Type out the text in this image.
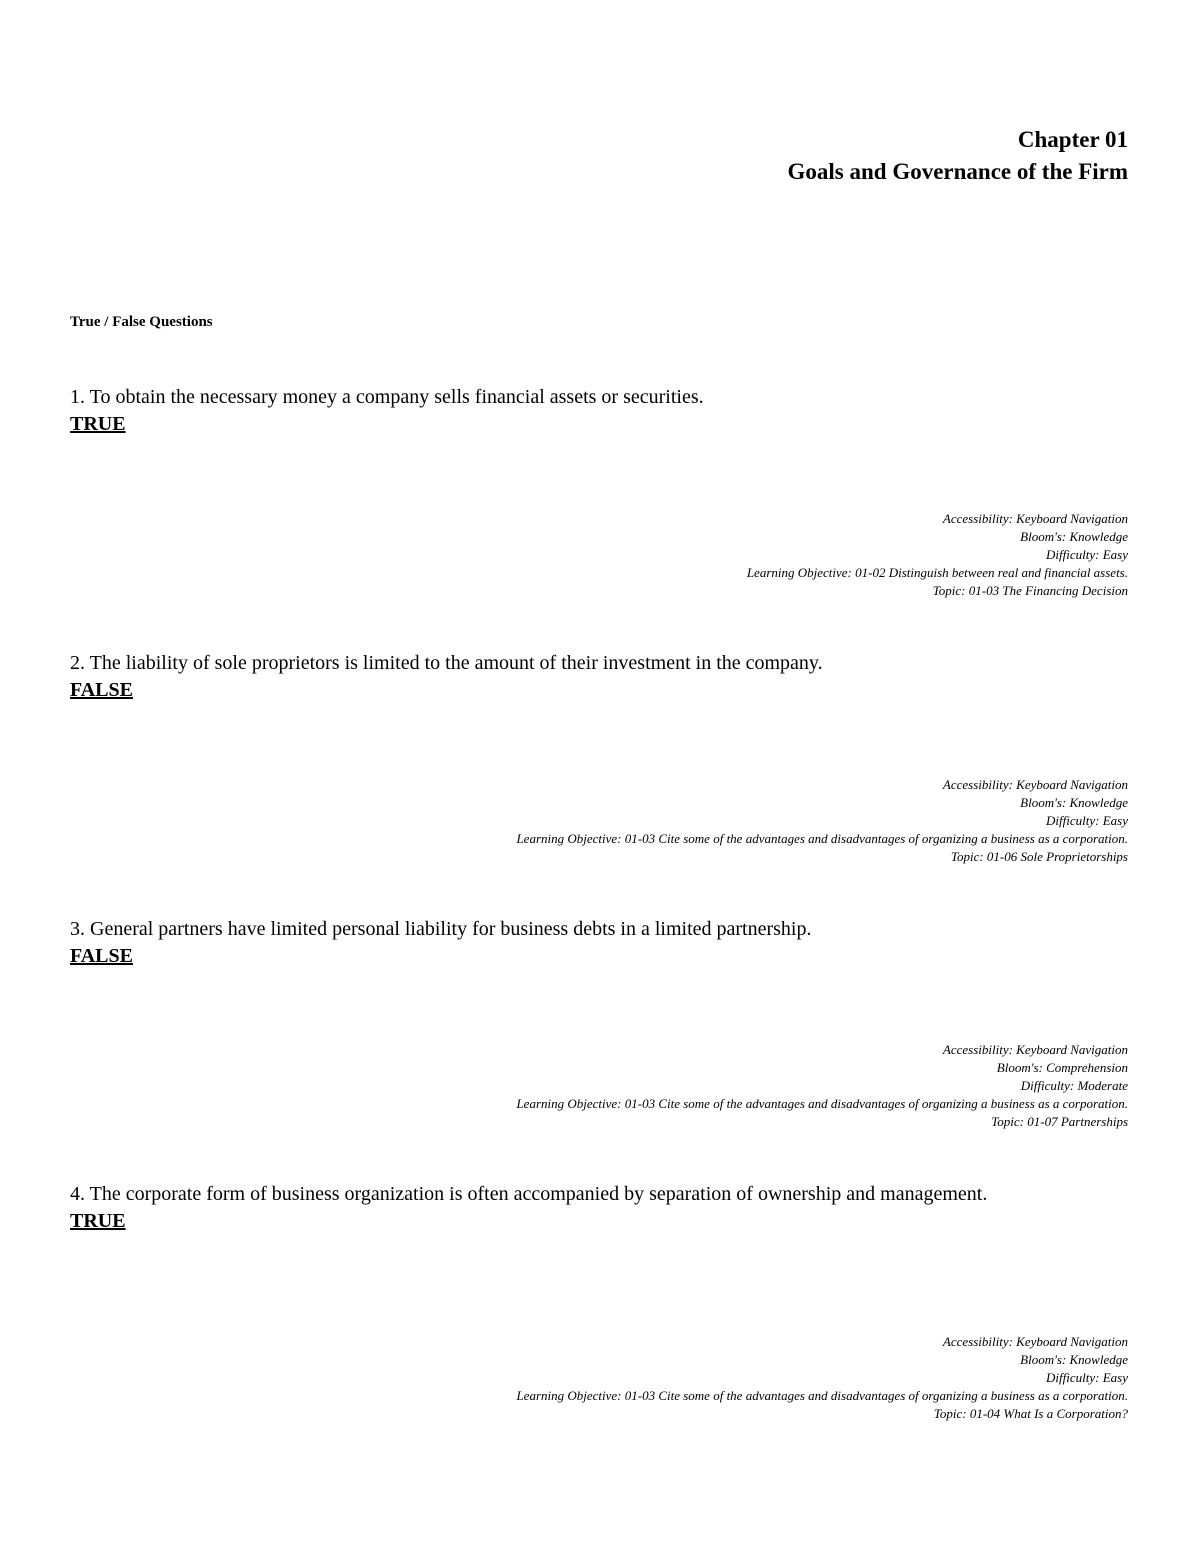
Chapter 01
Goals and Governance of the Firm
True / False Questions
1. To obtain the necessary money a company sells financial assets or securities.
TRUE
Accessibility: Keyboard Navigation
Bloom's: Knowledge
Difficulty: Easy
Learning Objective: 01-02 Distinguish between real and financial assets.
Topic: 01-03 The Financing Decision
2. The liability of sole proprietors is limited to the amount of their investment in the company.
FALSE
Accessibility: Keyboard Navigation
Bloom's: Knowledge
Difficulty: Easy
Learning Objective: 01-03 Cite some of the advantages and disadvantages of organizing a business as a corporation.
Topic: 01-06 Sole Proprietorships
3. General partners have limited personal liability for business debts in a limited partnership.
FALSE
Accessibility: Keyboard Navigation
Bloom's: Comprehension
Difficulty: Moderate
Learning Objective: 01-03 Cite some of the advantages and disadvantages of organizing a business as a corporation.
Topic: 01-07 Partnerships
4. The corporate form of business organization is often accompanied by separation of ownership and management.
TRUE
Accessibility: Keyboard Navigation
Bloom's: Knowledge
Difficulty: Easy
Learning Objective: 01-03 Cite some of the advantages and disadvantages of organizing a business as a corporation.
Topic: 01-04 What Is a Corporation?
